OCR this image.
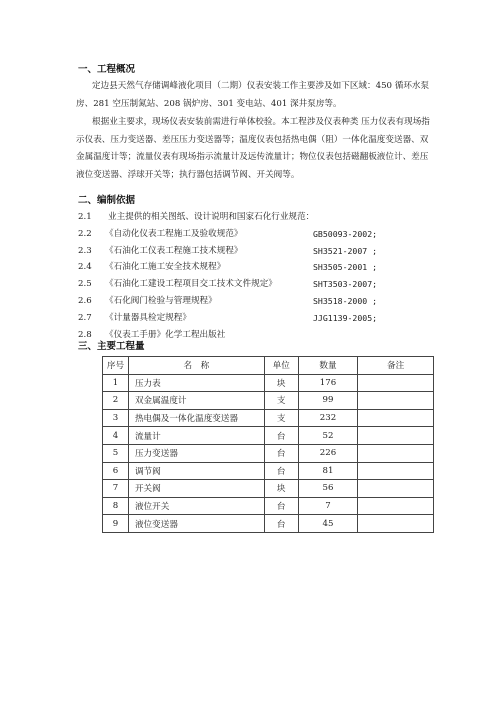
一、工程概况

定边县天然气存储调峰液化项目（二期）仪表安装工作主要涉及如下区域：450 循环水泵房、281 空压制氮站、208 锅炉房、301 变电站、401 深井泵房等。

根据业主要求，现场仪表安装前需进行单体校验。本工程涉及仪表种类 压力仪表有现场指示仪表、压力变送器、差压压力变送器等；温度仪表包括热电偶（阻）一体化温度变送器、双金属温度计等；流量仪表有现场指示流量计及远传流量计；物位仪表包括磁翻板液位计、差压液位变送器、浮球开关等；执行器包括调节阀、开关阀等。

二、编制依据
2.1 业主提供的相关图纸、设计说明和国家石化行业规范：
2.2 《自动化仪表工程施工及验收规范》	GB50093-2002;
2.3 《石油化工仪表工程施工技术规程》	SH3521-2007 ;
2.4 《石油化工施工安全技术规程》	SH3505-2001 ;
2.5 《石油化工建设工程项目交工技术文件规定》	SHT3503-2007;
2.6 《石化阀门检验与管理规程》	SH3518-2000 ;
2.7 《计量器具检定规程》	JJG1139-2005;
2.8 《仪表工手册》化学工程出版社
三、主要工程量
序号	名　称	单位	数量	备注
1	压力表	块	176	
2	双金属温度计	支	99	
3	热电偶及一体化温度变送器	支	232	
4	流量计	台	52	
5	压力变送器	台	226	
6	调节阀	台	81	
7	开关阀	块	56	
8	液位开关	台	7	
9	液位变送器	台	45	
